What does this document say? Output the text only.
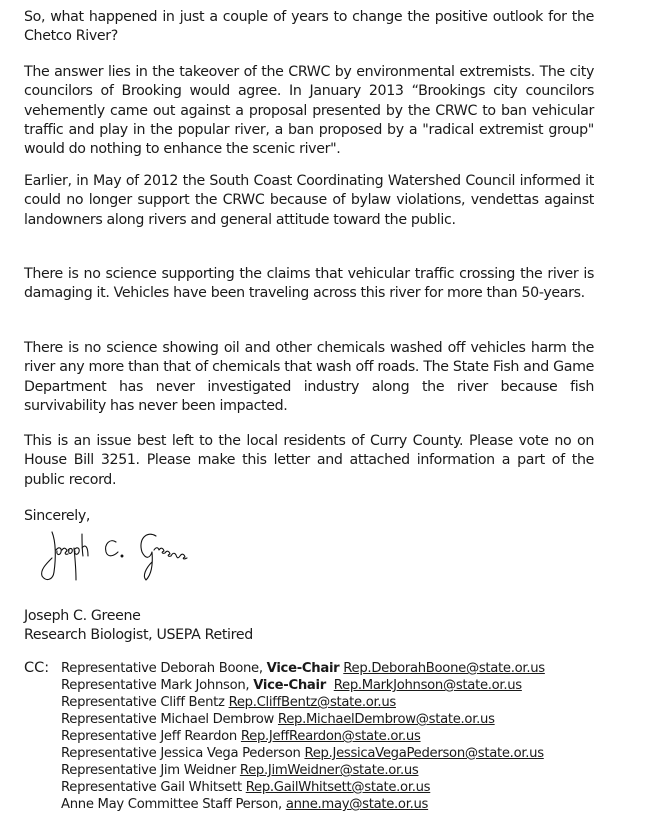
So, what happened in just a couple of years to change the positive outlook for the Chetco River?

The answer lies in the takeover of the CRWC by environmental extremists. The city councilors of Brooking would agree. In January 2013 “Brookings city councilors vehemently came out against a proposal presented by the CRWC to ban vehicular traffic and play in the popular river, a ban proposed by a "radical extremist group" would do nothing to enhance the scenic river".

Earlier, in May of 2012 the South Coast Coordinating Watershed Council informed it could no longer support the CRWC because of bylaw violations, vendettas against landowners along rivers and general attitude toward the public.

There is no science supporting the claims that vehicular traffic crossing the river is damaging it. Vehicles have been traveling across this river for more than 50-years.

There is no science showing oil and other chemicals washed off vehicles harm the river any more than that of chemicals that wash off roads. The State Fish and Game Department has never investigated industry along the river because fish survivability has never been impacted.

This is an issue best left to the local residents of Curry County. Please vote no on House Bill 3251. Please make this letter and attached information a part of the public record.

Sincerely,

Joseph C. Greene

Research Biologist, USEPA Retired

CC: Representative Deborah Boone, Vice-Chair Rep.DeborahBoone@state.or.us
Representative Mark Johnson, Vice-Chair Rep.MarkJohnson@state.or.us
Representative Cliff Bentz Rep.CliffBentz@state.or.us
Representative Michael Dembrow Rep.MichaelDembrow@state.or.us
Representative Jeff Reardon Rep.JeffReardon@state.or.us
Representative Jessica Vega Pederson Rep.JessicaVegaPederson@state.or.us
Representative Jim Weidner Rep.JimWeidner@state.or.us
Representative Gail Whitsett Rep.GailWhitsett@state.or.us
Anne May Committee Staff Person, anne.may@state.or.us
